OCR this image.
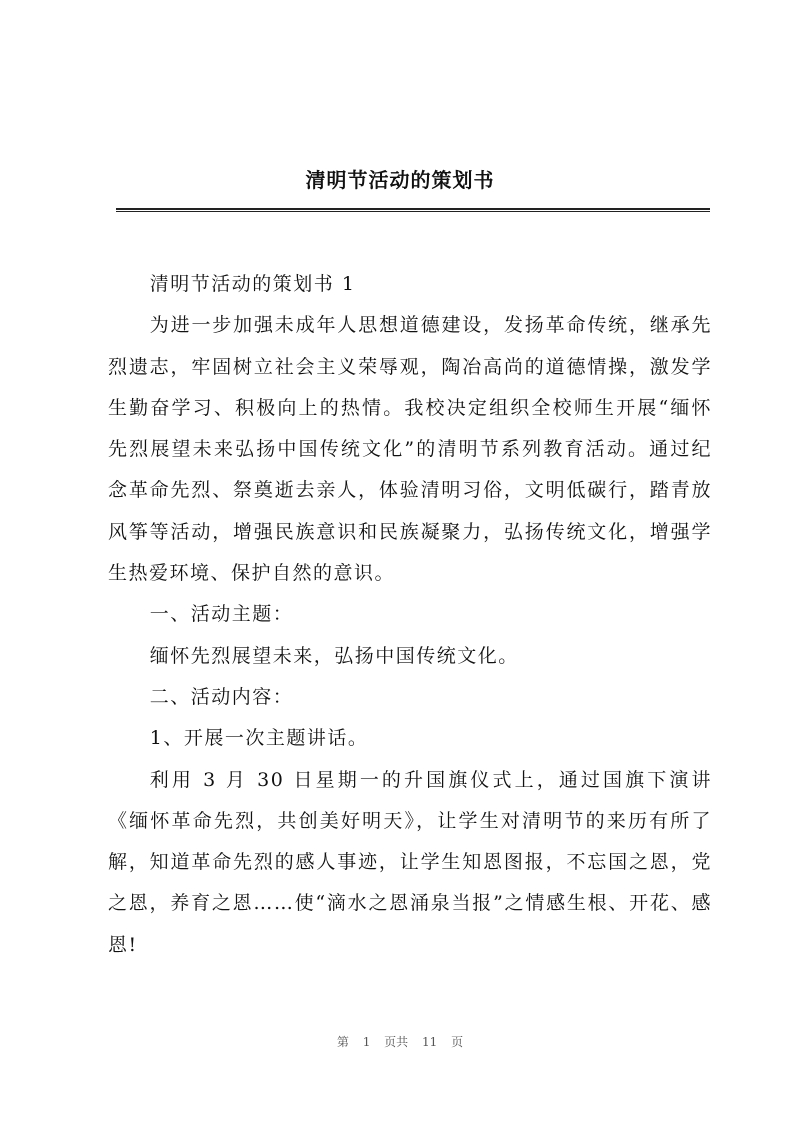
清明节活动的策划书

清明节活动的策划书 1

为进一步加强未成年人思想道德建设，发扬革命传统，继承先烈遗志，牢固树立社会主义荣辱观，陶冶高尚的道德情操，激发学生勤奋学习、积极向上的热情。我校决定组织全校师生开展“缅怀先烈展望未来弘扬中国传统文化”的清明节系列教育活动。通过纪念革命先烈、祭奠逝去亲人，体验清明习俗，文明低碳行，踏青放风筝等活动，增强民族意识和民族凝聚力，弘扬传统文化，增强学生热爱环境、保护自然的意识。

一、活动主题：

缅怀先烈展望未来，弘扬中国传统文化。

二、活动内容：

1、开展一次主题讲话。

利用 3 月 30 日星期一的升国旗仪式上，通过国旗下演讲《缅怀革命先烈，共创美好明天》，让学生对清明节的来历有所了解，知道革命先烈的感人事迹，让学生知恩图报，不忘国之恩，党之恩，养育之恩……使“滴水之恩涌泉当报”之情感生根、开花、感恩!

第 1 页共 11 页
